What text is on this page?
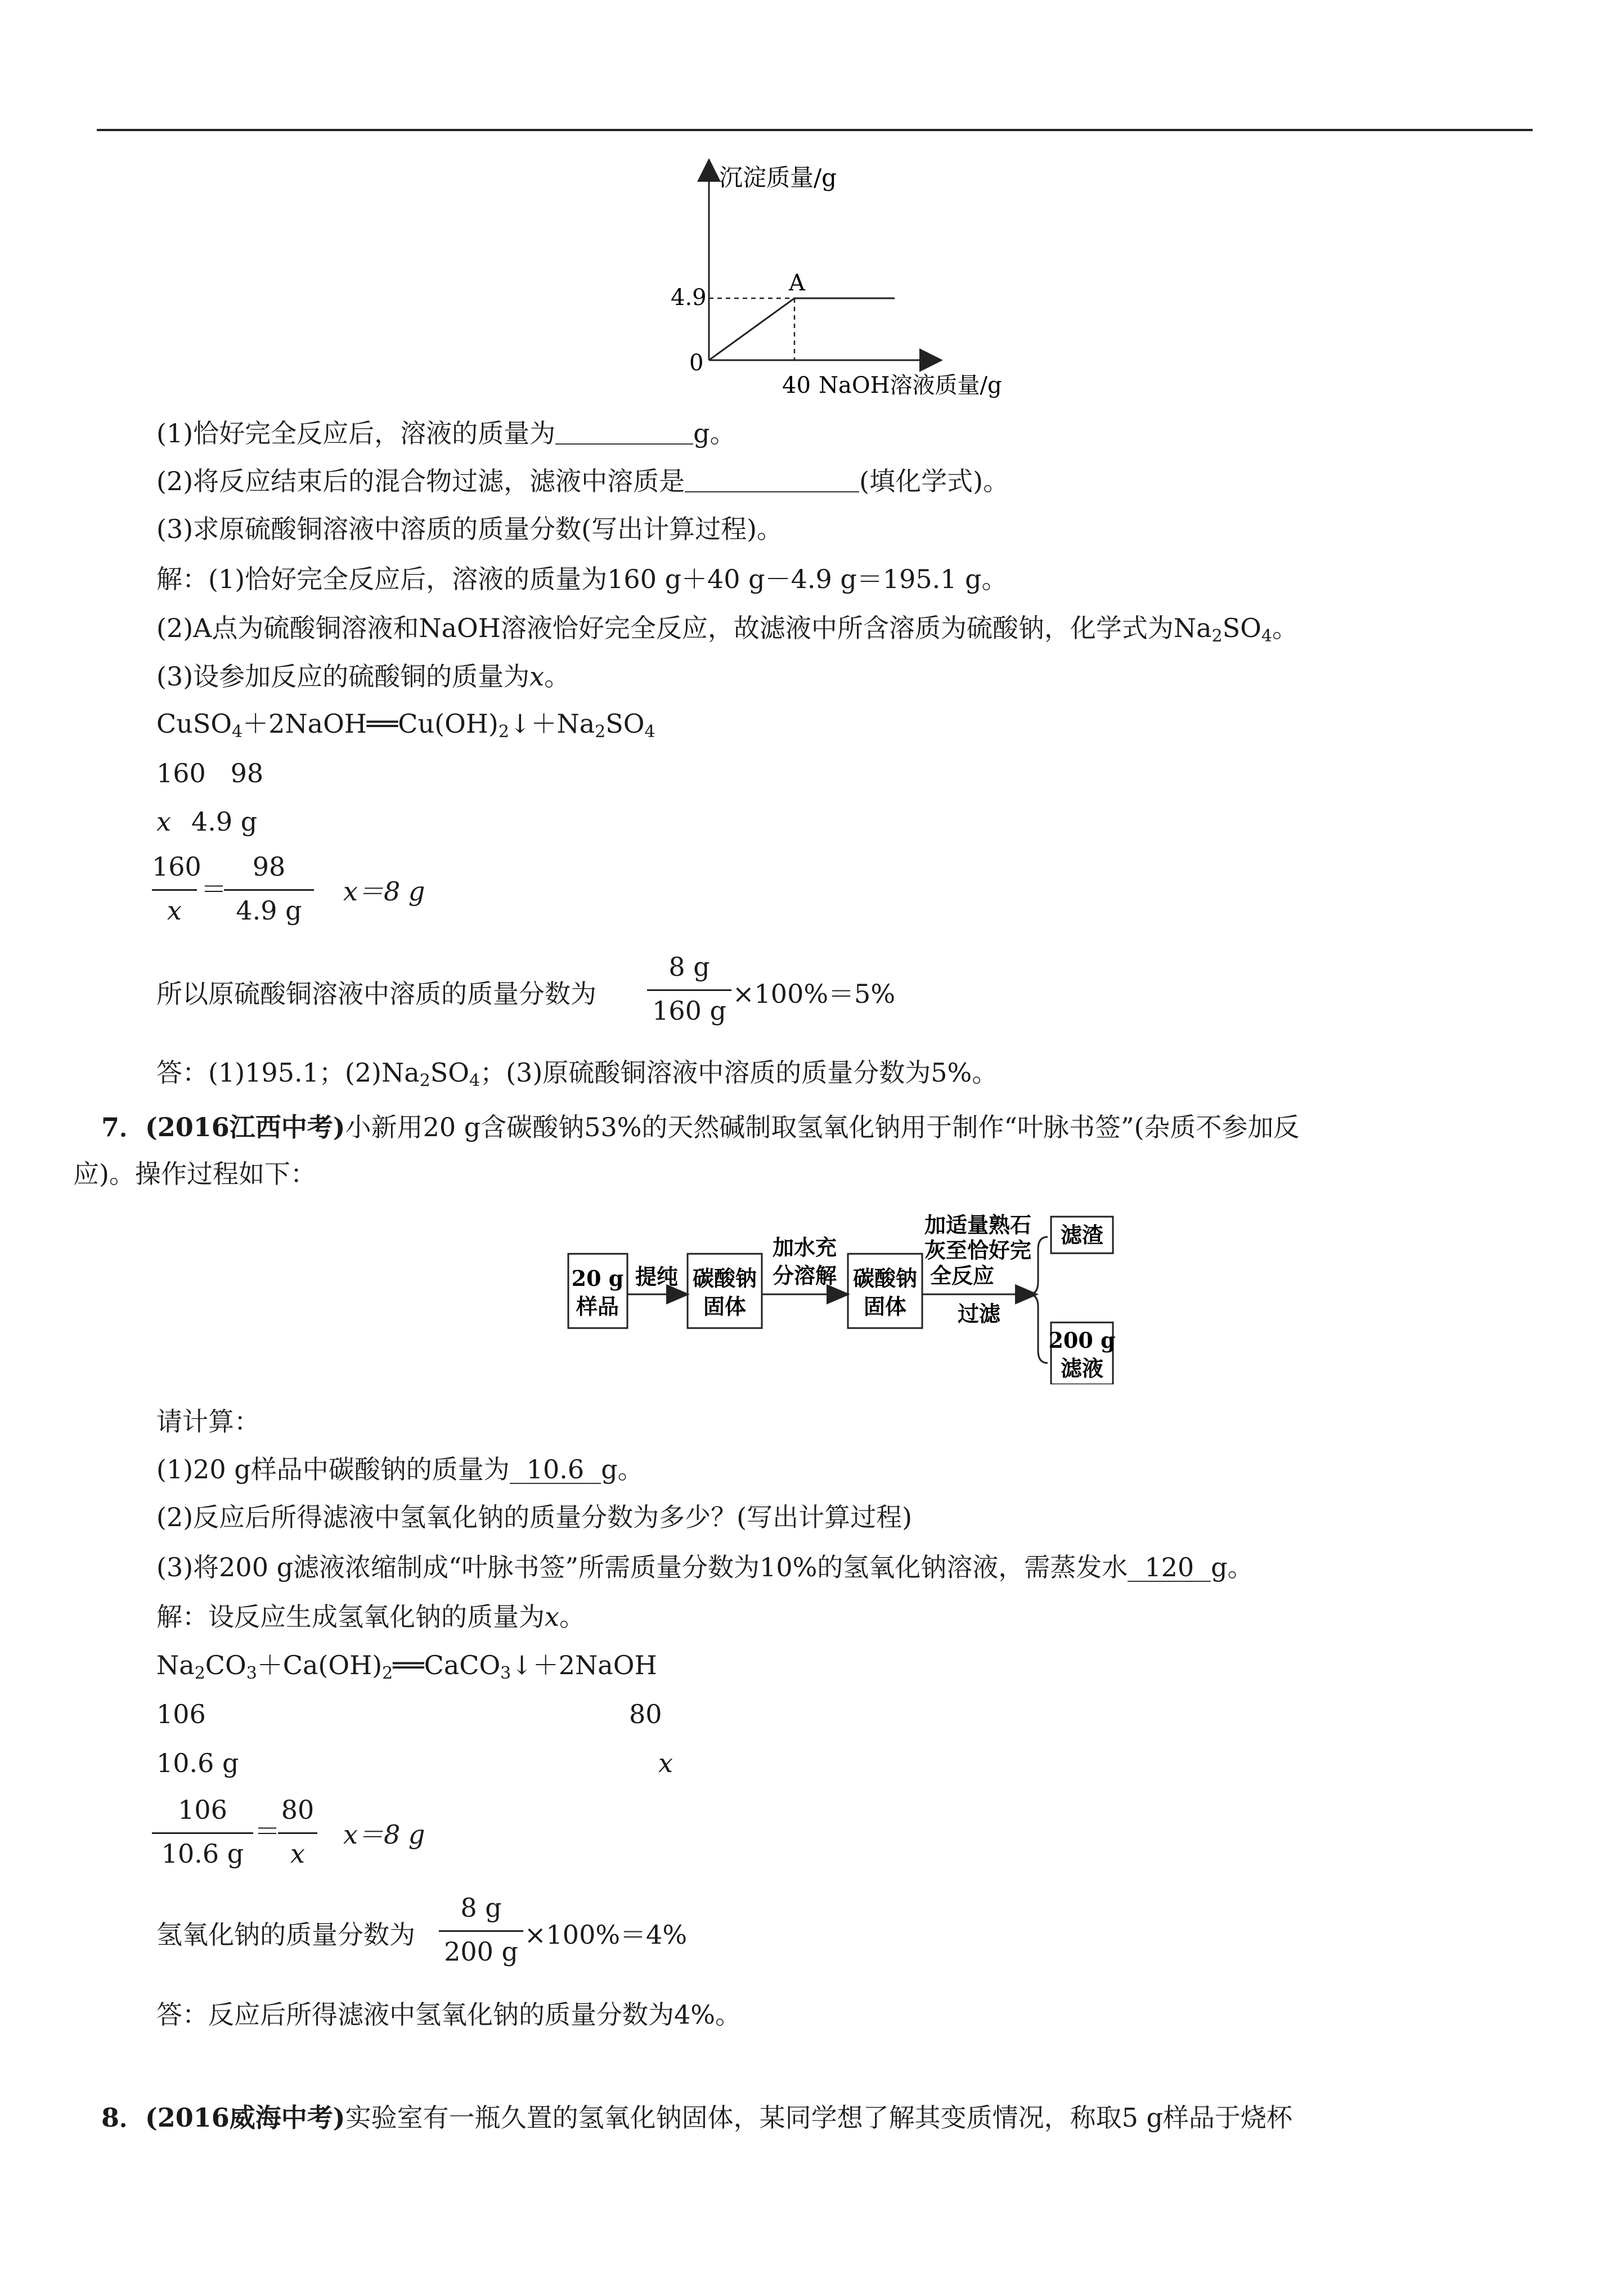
沉淀质量/g
4.9
0
40 NaOH溶液质量/g
A
(1)恰好完全反应后，溶液的质量为	g。
(2)将反应结束后的混合物过滤，滤液中溶质是	(填化学式)。
(3)求原硫酸铜溶液中溶质的质量分数(写出计算过程)。
解：(1)恰好完全反应后，溶液的质量为160 g＋40 g－4.9 g＝195.1 g。
(2)A点为硫酸铜溶液和NaOH溶液恰好完全反应，故滤液中所含溶质为硫酸钠，化学式为$Na_2SO_4$。
(3)设参加反应的硫酸铜的质量为x。
$CuSO_4+2NaOH══Cu(OH)_2↓+Na_2SO_4$
160   98
x 4.9 g
160
x
＝
98
4.9 g
x＝8 g
所以原硫酸铜溶液中溶质的质量分数为
8 g
160 g
×100%＝5%
答：(1)195.1；$(2)Na_2SO_4$；(3)原硫酸铜溶液中溶质的质量分数为5%。
7．(2016江西中考)小新用20 g含碳酸钠53%的天然碱制取氢氧化钠用于制作“叶脉书签”(杂质不参加反
应)。操作过程如下：
20 g
样品
提纯 碳酸钠
固体
加水充
分溶解 碳酸钠
固体
加适量熟石
灰至恰好完
全反应
过滤
滤渣
200 g
滤液
请计算：
(1)20 g样品中碳酸钠的质量为 10.6 g。
(2)反应后所得滤液中氢氧化钠的质量分数为多少？(写出计算过程)
(3)将200 g滤液浓缩制成“叶脉书签”所需质量分数为10%的氢氧化钠溶液，需蒸发水 120 g。
解：设反应生成氢氧化钠的质量为x。
$Na_2CO_3+Ca(OH)_2══CaCO_3↓+2NaOH$
106	80
10.6 g	x
106
10.6 g
＝
80
x
x＝8 g
氢氧化钠的质量分数为
8 g
200 g
×100%＝4%
答：反应后所得滤液中氢氧化钠的质量分数为4%。
8．(2016威海中考)实验室有一瓶久置的氢氧化钠固体，某同学想了解其变质情况，称取5 g样品于烧杯
